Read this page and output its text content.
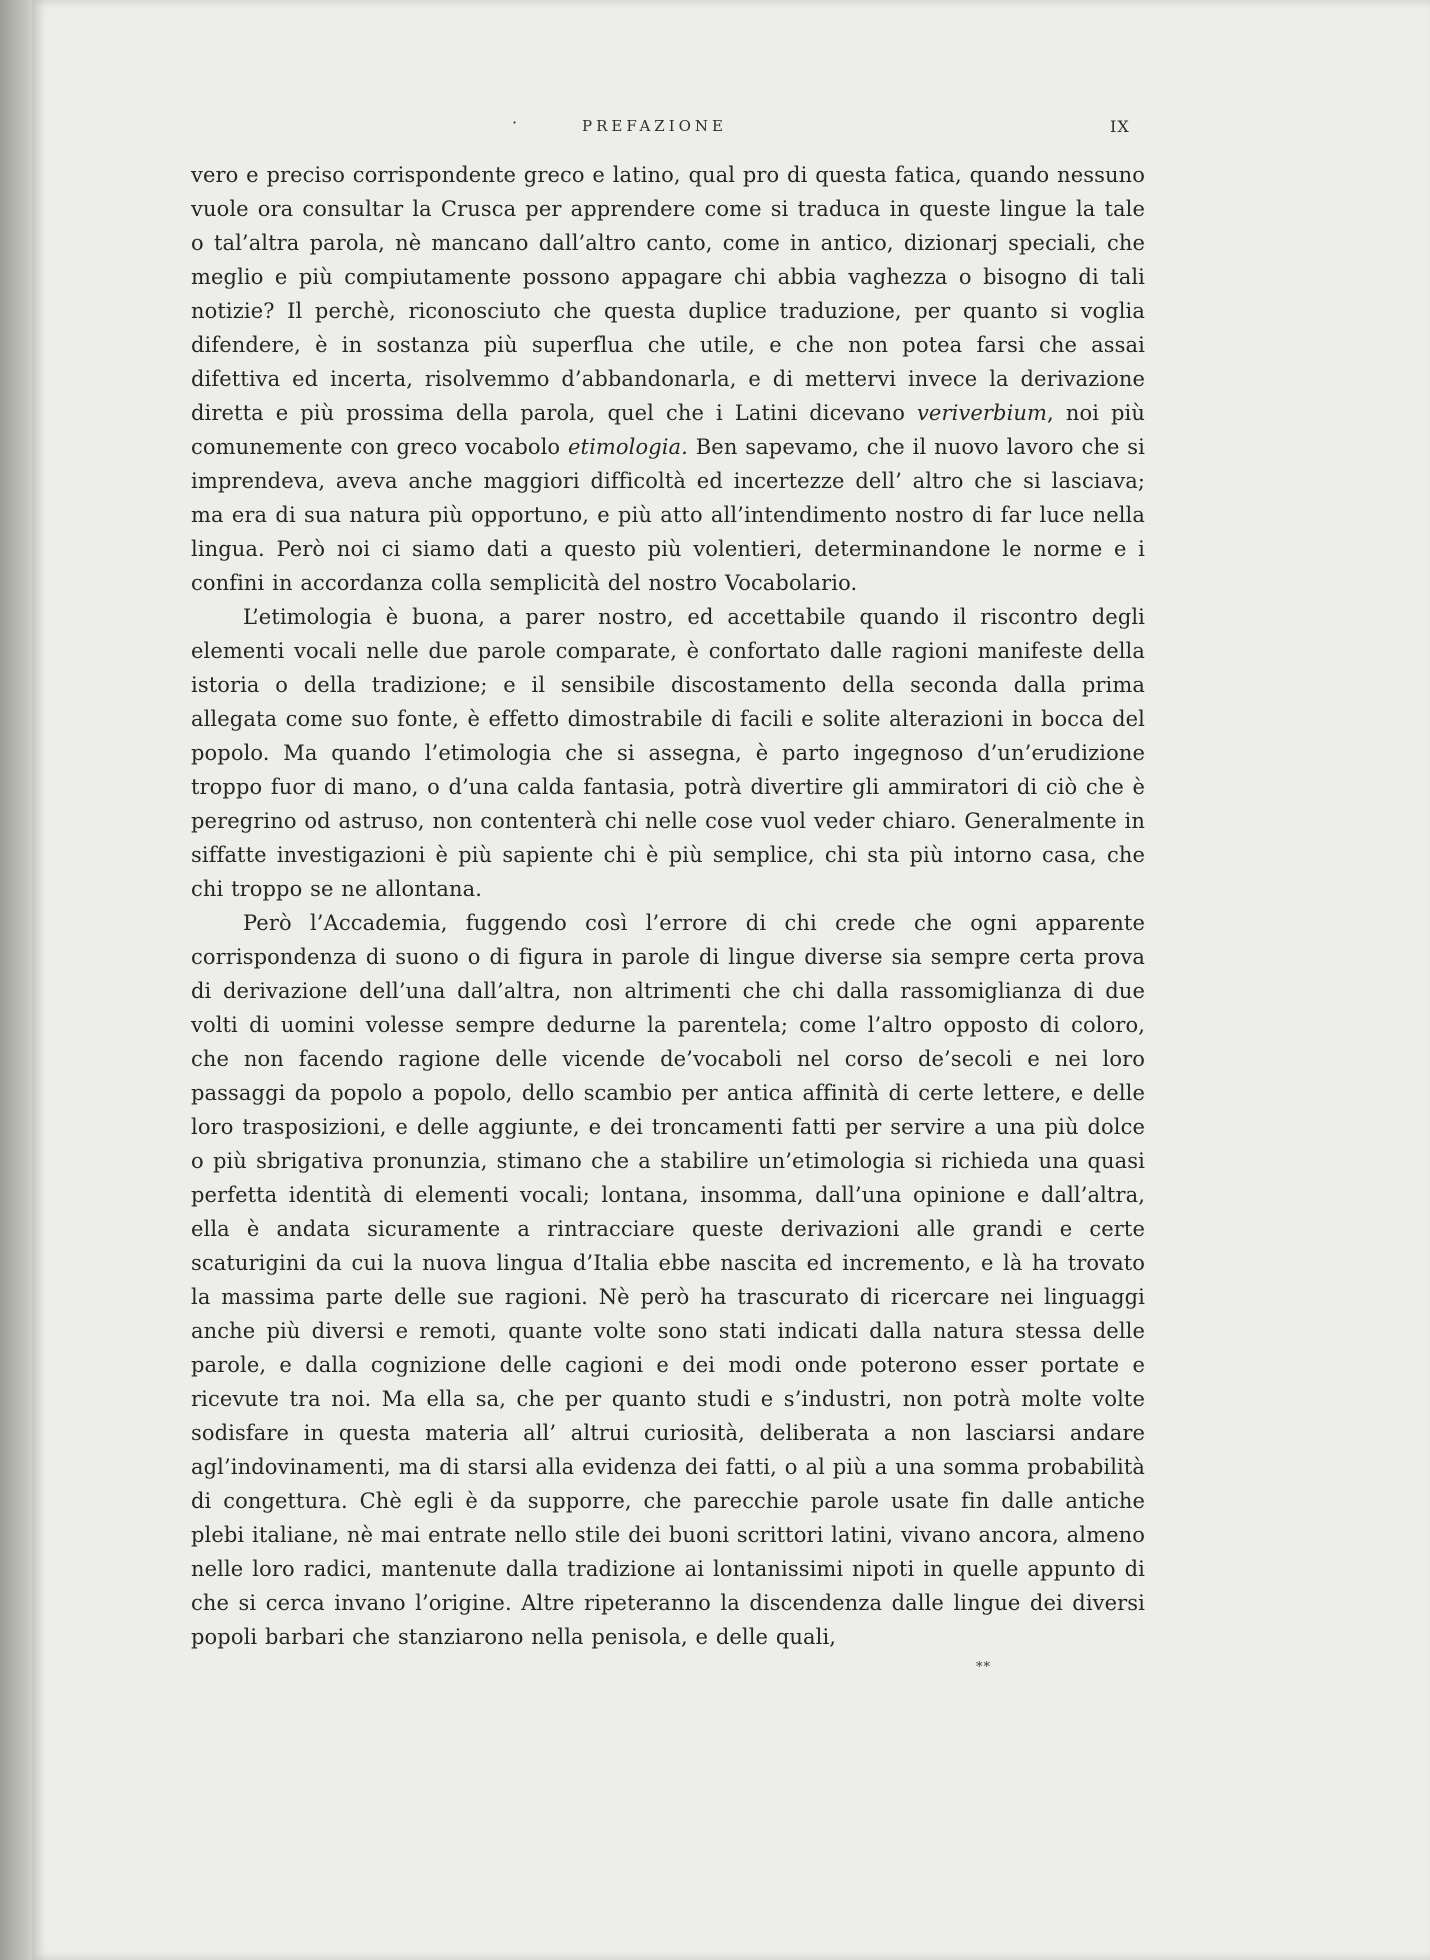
·	PREFAZIONE	IX

vero e preciso corrispondente greco e latino, qual pro di questa fatica, quando nessuno vuole ora consultar la Crusca per apprendere come si traduca in queste lingue la tale o tal’altra parola, nè mancano dall’altro canto, come in antico, dizionarj speciali, che meglio e più compiutamente possono appagare chi abbia vaghezza o bisogno di tali notizie? Il perchè, riconosciuto che questa duplice traduzione, per quanto si voglia difendere, è in sostanza più superflua che utile, e che non potea farsi che assai difettiva ed incerta, risolvemmo d’abbandonarla, e di mettervi invece la derivazione diretta e più prossima della parola, quel che i Latini dicevano veriverbium, noi più comunemente con greco vocabolo etimologia. Ben sapevamo, che il nuovo lavoro che si imprendeva, aveva anche maggiori difficoltà ed incertezze dell’ altro che si lasciava; ma era di sua natura più opportuno, e più atto all’intendimento nostro di far luce nella lingua. Però noi ci siamo dati a questo più volentieri, determinandone le norme e i confini in accordanza colla semplicità del nostro Vocabolario.

L’etimologia è buona, a parer nostro, ed accettabile quando il riscontro degli elementi vocali nelle due parole comparate, è confortato dalle ragioni manifeste della istoria o della tradizione; e il sensibile discostamento della seconda dalla prima allegata come suo fonte, è effetto dimostrabile di facili e solite alterazioni in bocca del popolo. Ma quando l’etimologia che si assegna, è parto ingegnoso d’un’erudizione troppo fuor di mano, o d’una calda fantasia, potrà divertire gli ammiratori di ciò che è peregrino od astruso, non contenterà chi nelle cose vuol veder chiaro. Generalmente in siffatte investigazioni è più sapiente chi è più semplice, chi sta più intorno casa, che chi troppo se ne allontana.

Però l’Accademia, fuggendo così l’errore di chi crede che ogni apparente corrispondenza di suono o di figura in parole di lingue diverse sia sempre certa prova di derivazione dell’una dall’altra, non altrimenti che chi dalla rassomiglianza di due volti di uomini volesse sempre dedurne la parentela; come l’altro opposto di coloro, che non facendo ragione delle vicende de’vocaboli nel corso de’secoli e nei loro passaggi da popolo a popolo, dello scambio per antica affinità di certe lettere, e delle loro trasposizioni, e delle aggiunte, e dei troncamenti fatti per servire a una più dolce o più sbrigativa pronunzia, stimano che a stabilire un’etimologia si richieda una quasi perfetta identità di elementi vocali; lontana, insomma, dall’una opinione e dall’altra, ella è andata sicuramente a rintracciare queste derivazioni alle grandi e certe scaturigini da cui la nuova lingua d’Italia ebbe nascita ed incremento, e là ha trovato la massima parte delle sue ragioni. Nè però ha trascurato di ricercare nei linguaggi anche più diversi e remoti, quante volte sono stati indicati dalla natura stessa delle parole, e dalla cognizione delle cagioni e dei modi onde poterono esser portate e ricevute tra noi. Ma ella sa, che per quanto studi e s’industri, non potrà molte volte sodisfare in questa materia all’ altrui curiosità, deliberata a non lasciarsi andare agl’indovinamenti, ma di starsi alla evidenza dei fatti, o al più a una somma probabilità di congettura. Chè egli è da supporre, che parecchie parole usate fin dalle antiche plebi italiane, nè mai entrate nello stile dei buoni scrittori latini, vivano ancora, almeno nelle loro radici, mantenute dalla tradizione ai lontanissimi nipoti in quelle appunto di che si cerca invano l’origine. Altre ripeteranno la discendenza dalle lingue dei diversi popoli barbari che stanziarono nella penisola, e delle quali,

**
